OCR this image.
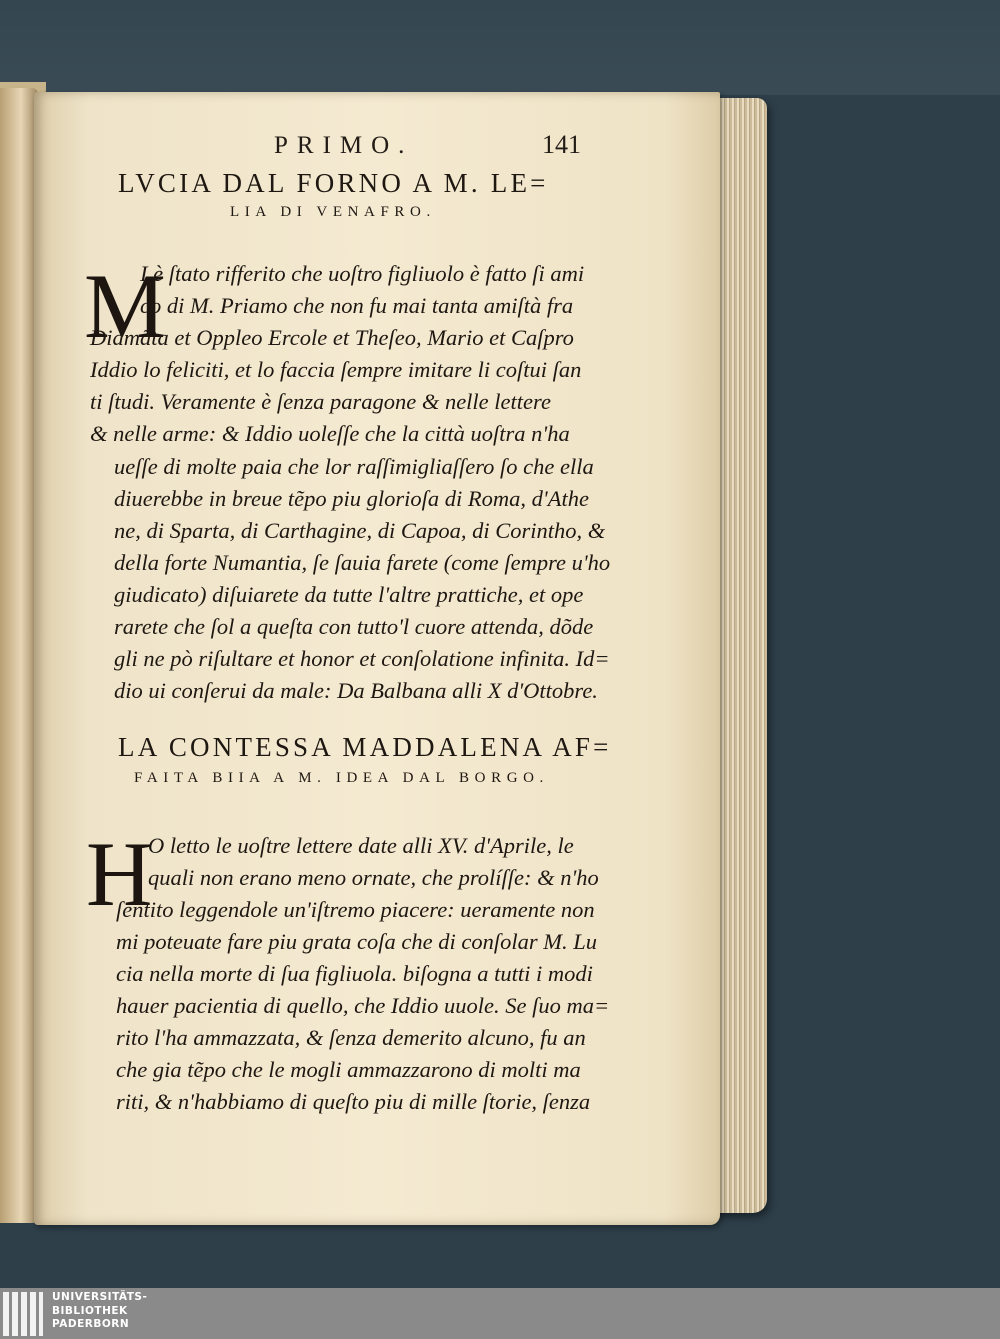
PRIMO.	141

LVCIA DAL FORNO A M. LE=

LIA DI VENAFRO.

M

I è ſtato rifferito che uoſtro figliuolo è fatto ſi ami

co di M. Priamo che non fu mai tanta amiſtà fra

Diamãta et Oppleo Ercole et Theſeo, Mario et Caſpro

Iddio lo feliciti, et lo faccia ſempre imitare li coſtui ſan

ti ſtudi. Veramente è ſenza paragone & nelle lettere

& nelle arme: & Iddio uoleſſe che la città uoſtra n'ha

ueſſe di molte paia che lor raſſimigliaſſero ſo che ella

diuerebbe in breue tẽpo piu glorioſa di Roma, d'Athe

ne, di Sparta, di Carthagine, di Capoa, di Corintho, &

della forte Numantia, ſe ſauia farete (come ſempre u'ho

giudicato) diſuiarete da tutte l'altre prattiche, et ope

rarete che ſol a queſta con tutto'l cuore attenda, dõde

gli ne pò riſultare et honor et conſolatione infinita. Id=

dio ui conſerui da male: Da Balbana alli X d'Ottobre.

LA CONTESSA MADDALENA AF=

FAITA BIIA A M. IDEA DAL BORGO.

H

O letto le uoſtre lettere date alli XV. d'Aprile, le

quali non erano meno ornate, che prolíſſe: & n'ho

ſentito leggendole un'iſtremo piacere: ueramente non

mi poteuate fare piu grata coſa che di conſolar M. Lu

cia nella morte di ſua figliuola. biſogna a tutti i modi

hauer pacientia di quello, che Iddio uuole. Se ſuo ma=

rito l'ha ammazzata, & ſenza demerito alcuno, fu an

che gia tẽpo che le mogli ammazzarono di molti ma

riti, & n'habbiamo di queſto piu di mille ſtorie, ſenza

UNIVERSITÄTS-
BIBLIOTHEK
PADERBORN
